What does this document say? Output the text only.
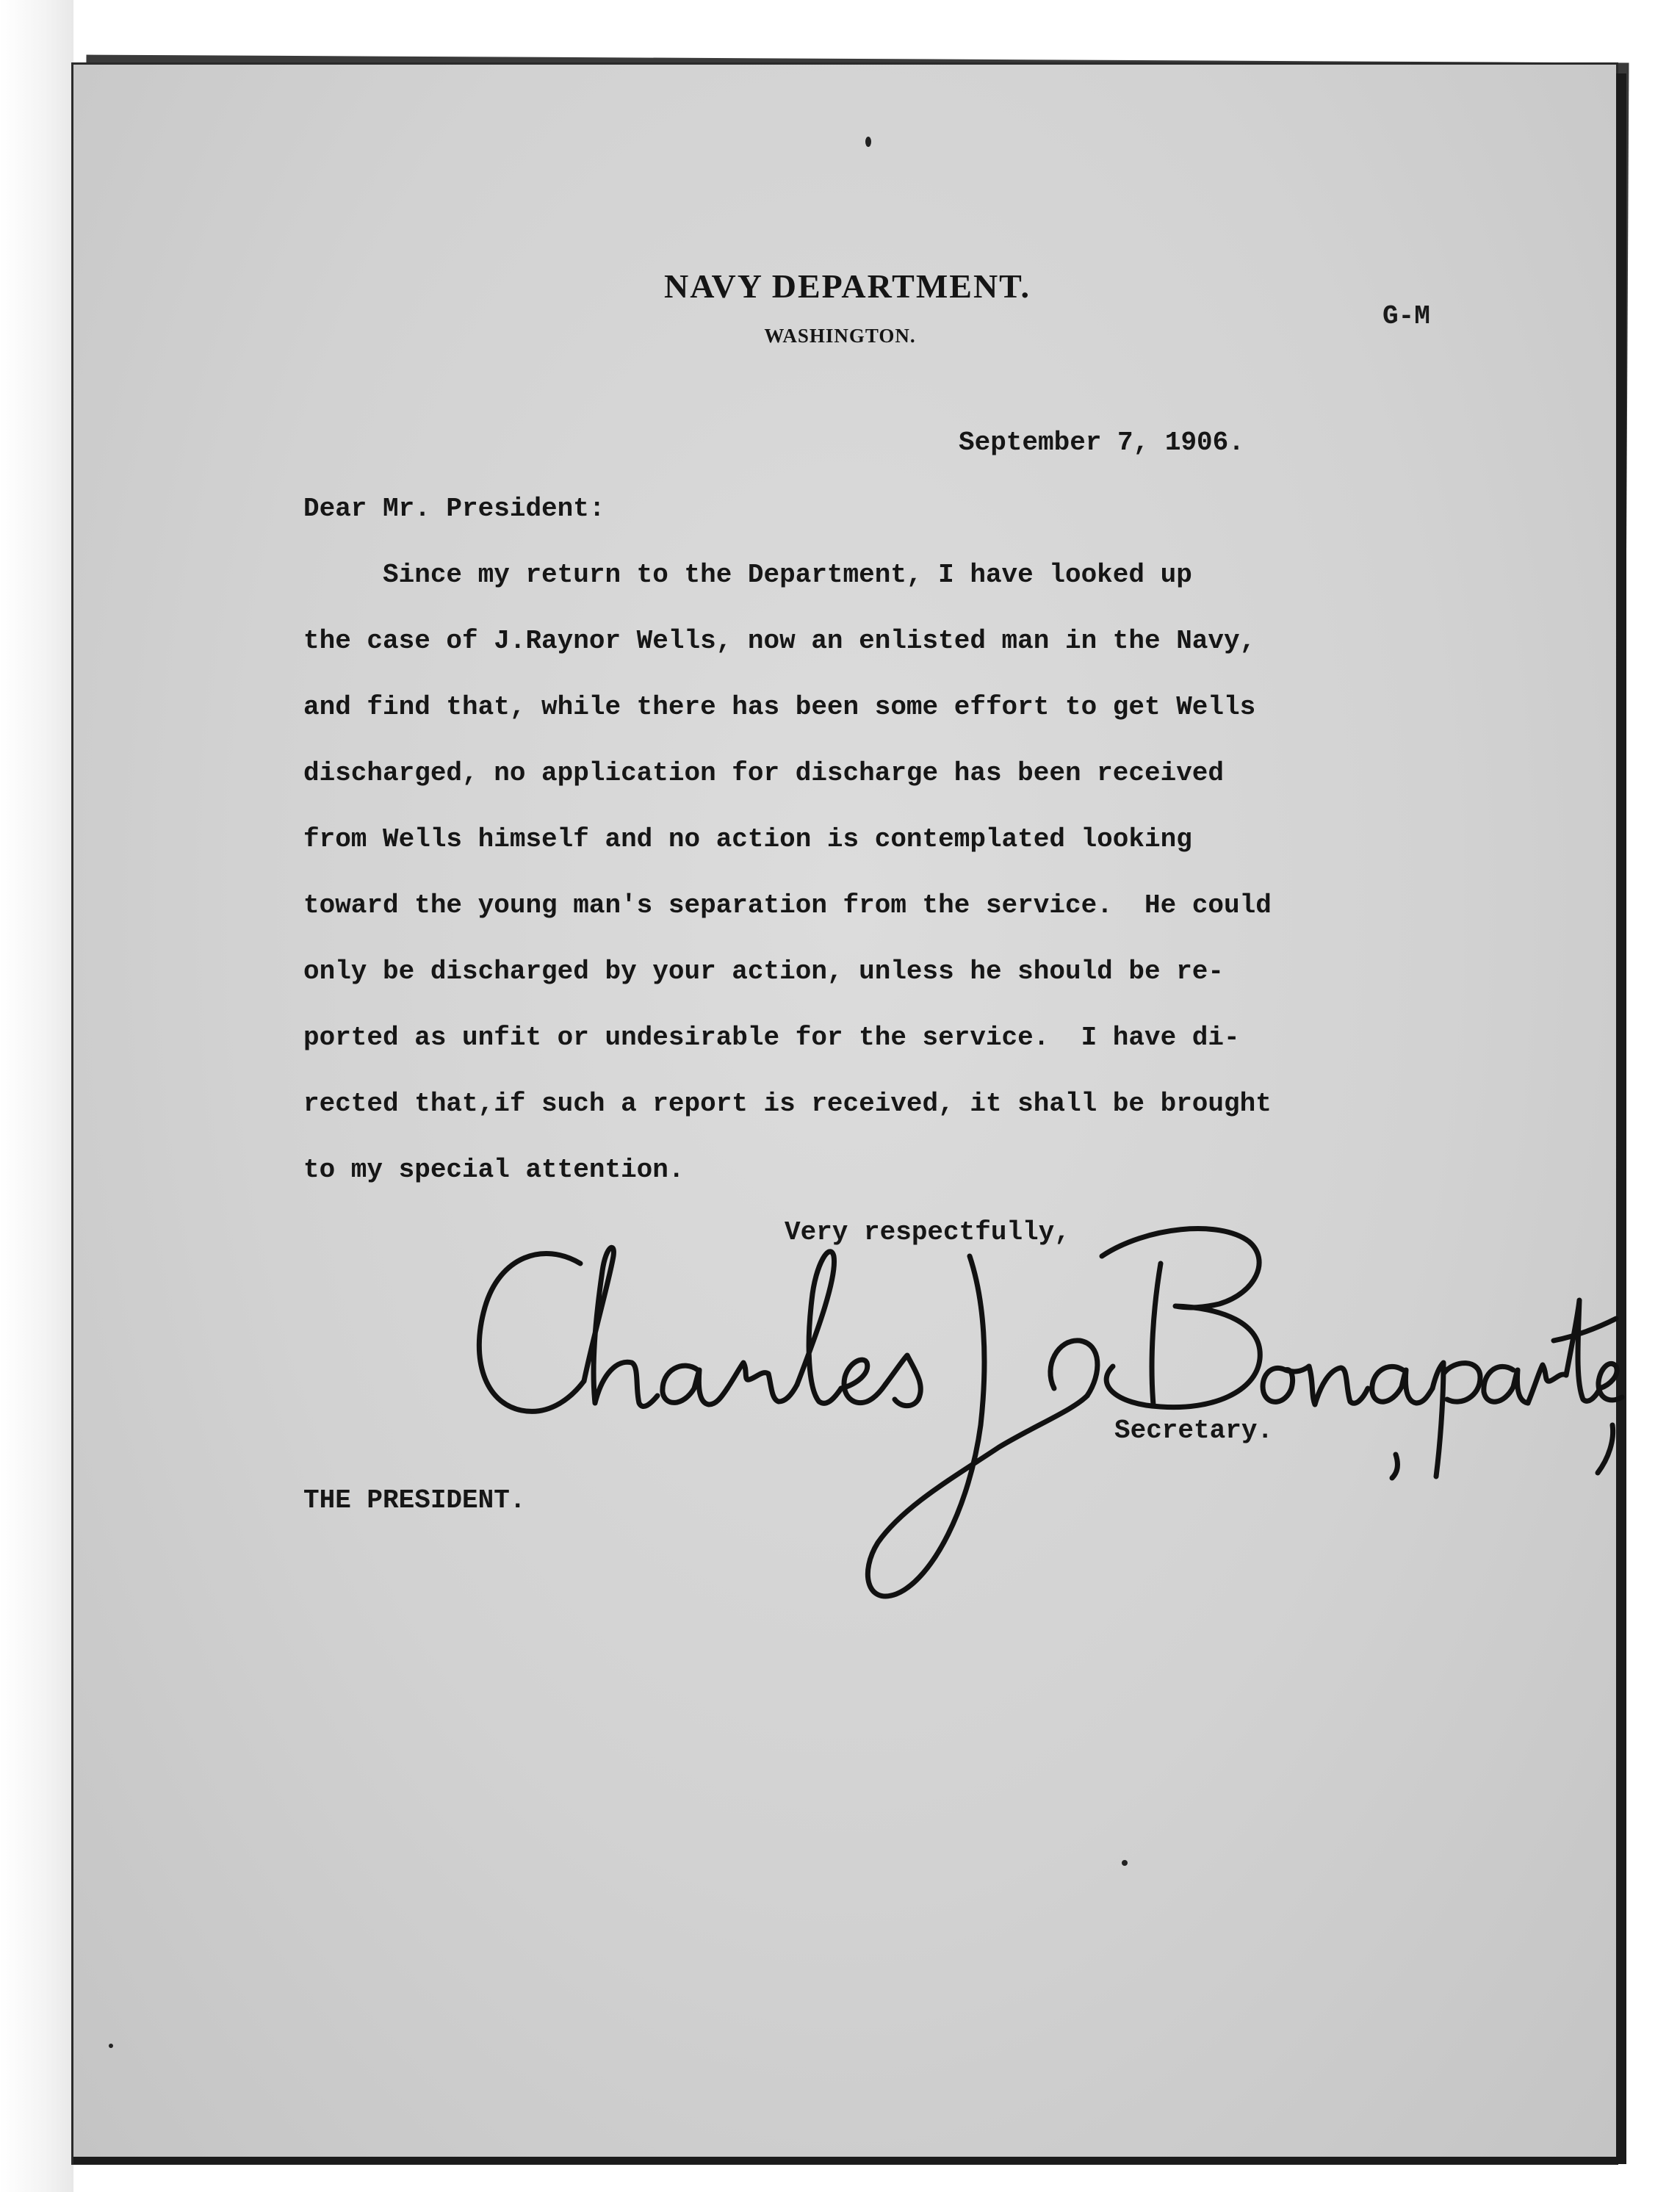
NAVY DEPARTMENT.
WASHINGTON.
G-M
September 7, 1906.
Dear Mr. President:
Since my return to the Department, I have looked up
the case of J.Raynor Wells, now an enlisted man in the Navy,
and find that, while there has been some effort to get Wells
discharged, no application for discharge has been received
from Wells himself and no action is contemplated looking
toward the young man's separation from the service.  He could
only be discharged by your action, unless he should be re-
ported as unfit or undesirable for the service.  I have di-
rected that,if such a report is received, it shall be brought
to my special attention.
Very respectfully,
Secretary.
THE PRESIDENT.
